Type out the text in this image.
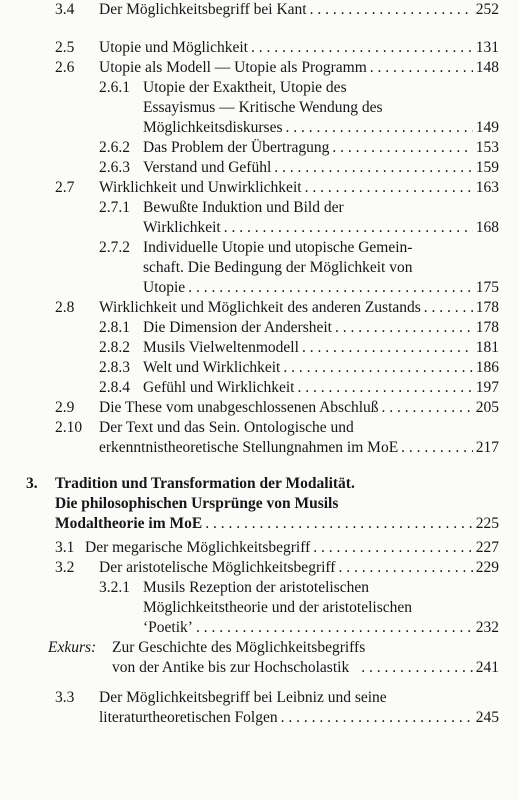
2.5 Utopie und Möglichkeit . . .	131
2.6 Utopie als Modell — Utopie als Programm . . .	148
2.6.1 Utopie der Exaktheit, Utopie des
Essayismus — Kritische Wendung des
Möglichkeitsdiskurses . . .	149
2.6.2 Das Problem der Übertragung . . .	153
2.6.3 Verstand und Gefühl . . .	159
2.7 Wirklichkeit und Unwirklichkeit . . .	163
2.7.1 Bewußte Induktion und Bild der
Wirklichkeit . . .	168
2.7.2 Individuelle Utopie und utopische Gemein-
schaft. Die Bedingung der Möglichkeit von
Utopie . . .	175
2.8 Wirklichkeit und Möglichkeit des anderen Zustands . . .	178
2.8.1 Die Dimension der Andersheit . . .	178
2.8.2 Musils Vielweltenmodell . . .	181
2.8.3 Welt und Wirklichkeit . . .	186
2.8.4 Gefühl und Wirklichkeit . . .	197
2.9 Die These vom unabgeschlossenen Abschluß . . .	205
2.10 Der Text und das Sein. Ontologische und
erkenntnistheoretische Stellungnahmen im MoE . . .	217
3. Tradition und Transformation der Modalität.
Die philosophischen Ursprünge von Musils
Modaltheorie im MoE . . .	225
3.1 Der megarische Möglichkeitsbegriff . . .	227
3.2 Der aristotelische Möglichkeitsbegriff . . .	229
3.2.1 Musils Rezeption der aristotelischen
Möglichkeitstheorie und der aristotelischen
‘Poetik’ . . .	232
Exkurs: Zur Geschichte des Möglichkeitsbegriffs
von der Antike bis zur Hochscholastik . . .	241
3.3 Der Möglichkeitsbegriff bei Leibniz und seine
literaturtheoretischen Folgen . . .	245
3.4 Der Möglichkeitsbegriff bei Kant . . .	252
